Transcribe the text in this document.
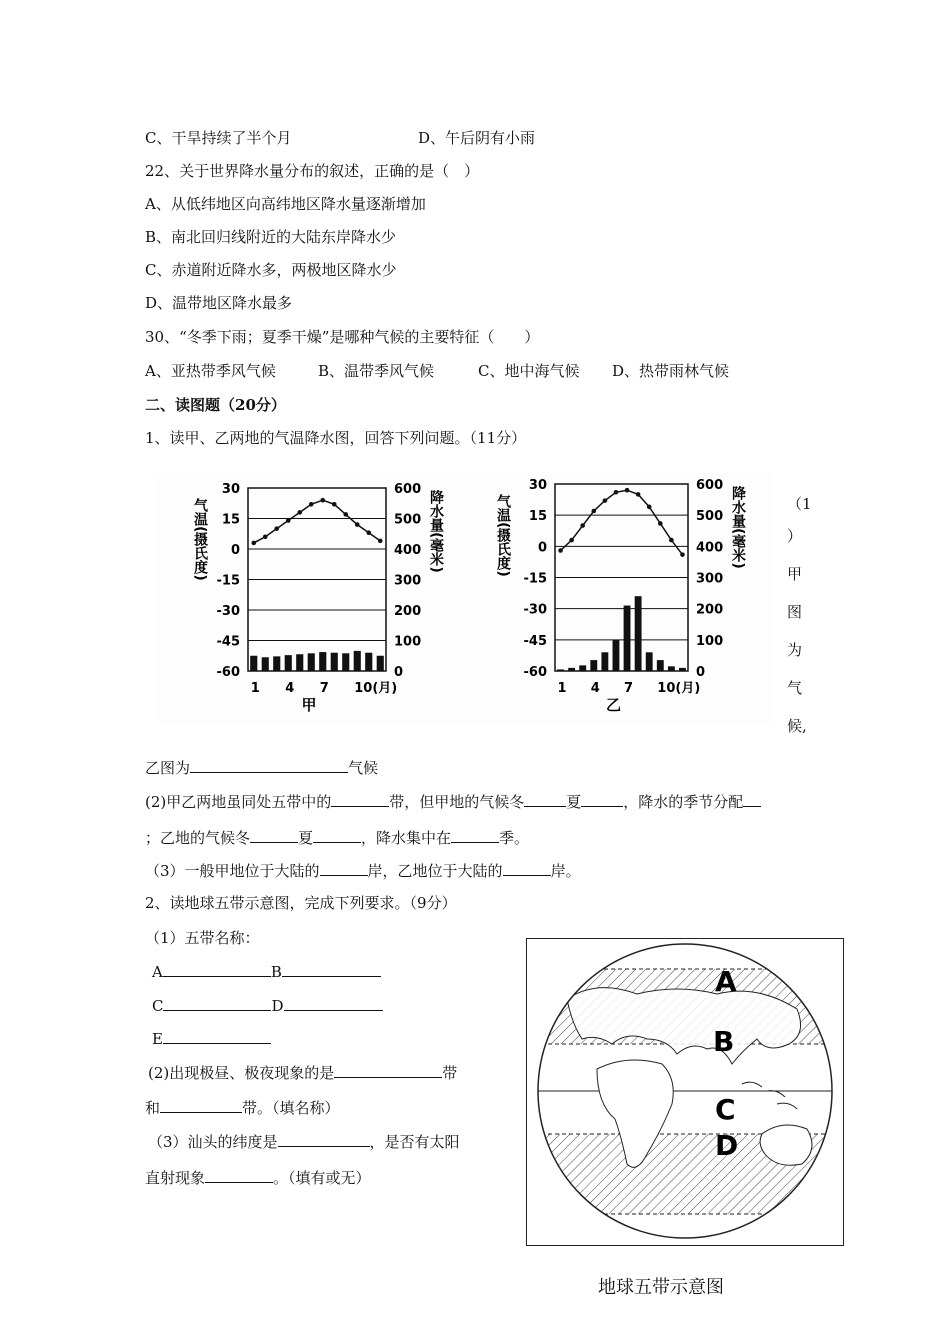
C、干旱持续了半个月	D、午后阴有小雨
22、关于世界降水量分布的叙述，正确的是（　）
A、从低纬地区向高纬地区降水量逐渐增加
B、南北回归线附近的大陆东岸降水少
C、赤道附近降水多，两极地区降水少
D、温带地区降水最多
30、“冬季下雨；夏季干燥”是哪种气候的主要特征（　　）
A、亚热带季风气候	B、温带季风气候	C、地中海气候 D、热带雨林气候
二、读图题（20分）
1、读甲、乙两地的气温降水图，回答下列问题。（11分）
30
15
0
-15
-30
-45
-60
600
500
400
300
200
100
0
气温(摄氏度)	降水量(毫米)
1 4 7 10(月)
甲
30
15
0
-15
-30
-45
-60
600
500
400
300
200
100
0
气温(摄氏度)	降水量(毫米)
1 4 7 10(月)
乙
（1
）
甲
图
为
气
候,
乙图为	气候
(2)甲乙两地虽同处五带中的	带，但甲地的气候冬	夏	，降水的季节分配
；乙地的气候冬	夏	，降水集中在	季。
（3）一般甲地位于大陆的	岸，乙地位于大陆的	岸。
2、读地球五带示意图，完成下列要求。（9分）
（1）五带名称：
A	B
C	D
E
(2)出现极昼、极夜现象的是	带
和	带。（填名称）
（3）汕头的纬度是	，是否有太阳
直射现象	。（填有或无）
A
B
C
D
地球五带示意图
